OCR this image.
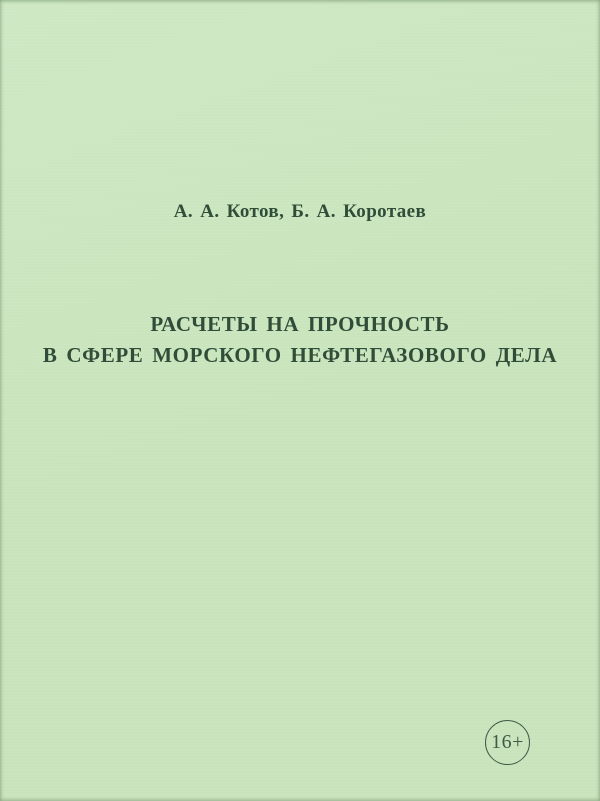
А. А. Котов, Б. А. Коротаев
РАСЧЕТЫ НА ПРОЧНОСТЬ
В СФЕРЕ МОРСКОГО НЕФТЕГАЗОВОГО ДЕЛА
16+
